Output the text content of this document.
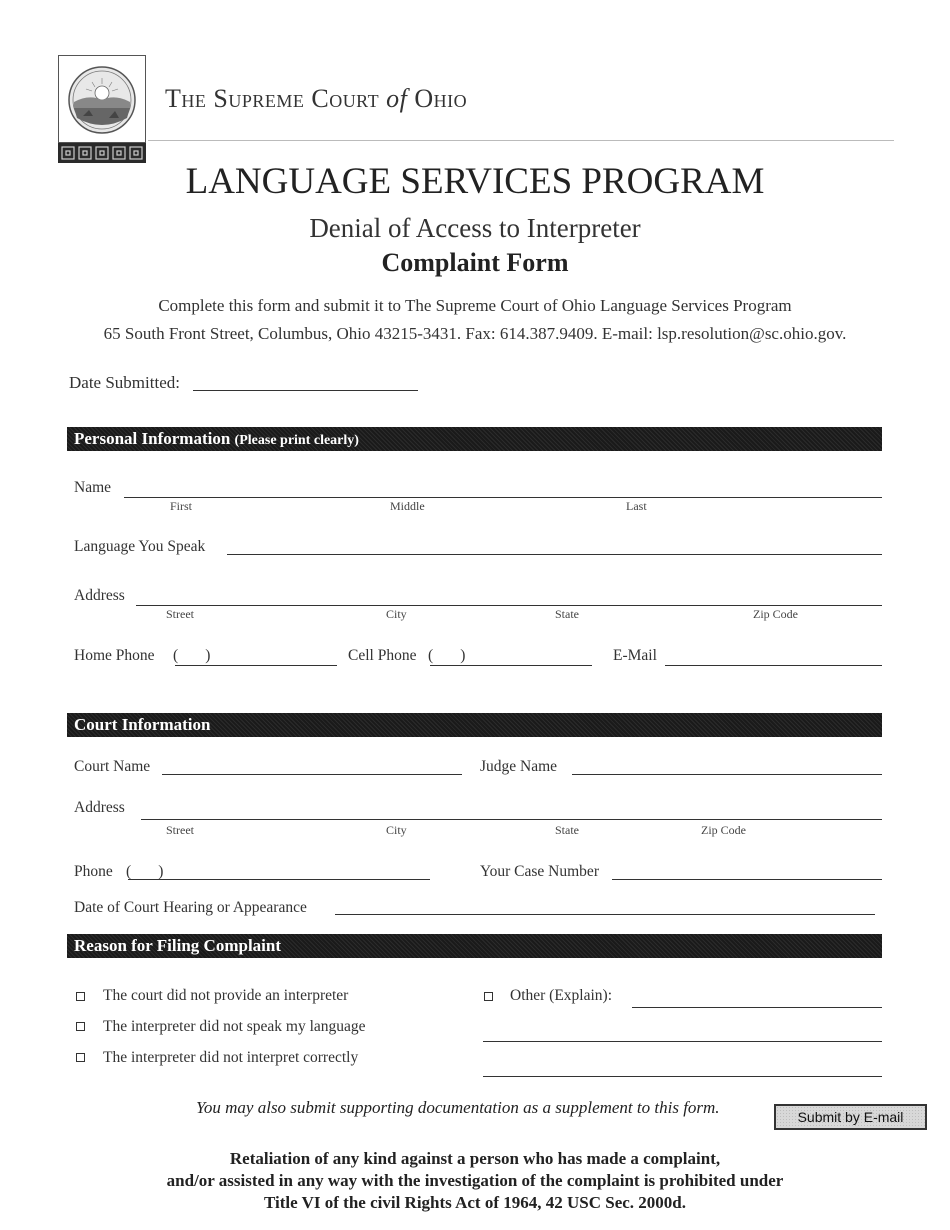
The Supreme Court of Ohio
LANGUAGE SERVICES PROGRAM
Denial of Access to Interpreter
Complaint Form
Complete this form and submit it to The Supreme Court of Ohio Language Services Program
65 South Front Street, Columbus, Ohio 43215-3431. Fax: 614.387.9409. E-mail: lsp.resolution@sc.ohio.gov.
Date Submitted:
Personal Information (Please print clearly)
Name
First	Middle	Last
Language You Speak
Address
Street	City	State	Zip Code
Home Phone (       )	Cell Phone (       )	E-Mail
Court Information
Court Name	Judge Name
Address
Street	City	State	Zip Code
Phone (       )	Your Case Number
Date of Court Hearing or Appearance
Reason for Filing Complaint
The court did not provide an interpreter
The interpreter did not speak my language
The interpreter did not interpret correctly
Other (Explain):
You may also submit supporting documentation as a supplement to this form.	Submit by E-mail
Retaliation of any kind against a person who has made a complaint,
and/or assisted in any way with the investigation of the complaint is prohibited under
Title VI of the civil Rights Act of 1964, 42 USC Sec. 2000d.
